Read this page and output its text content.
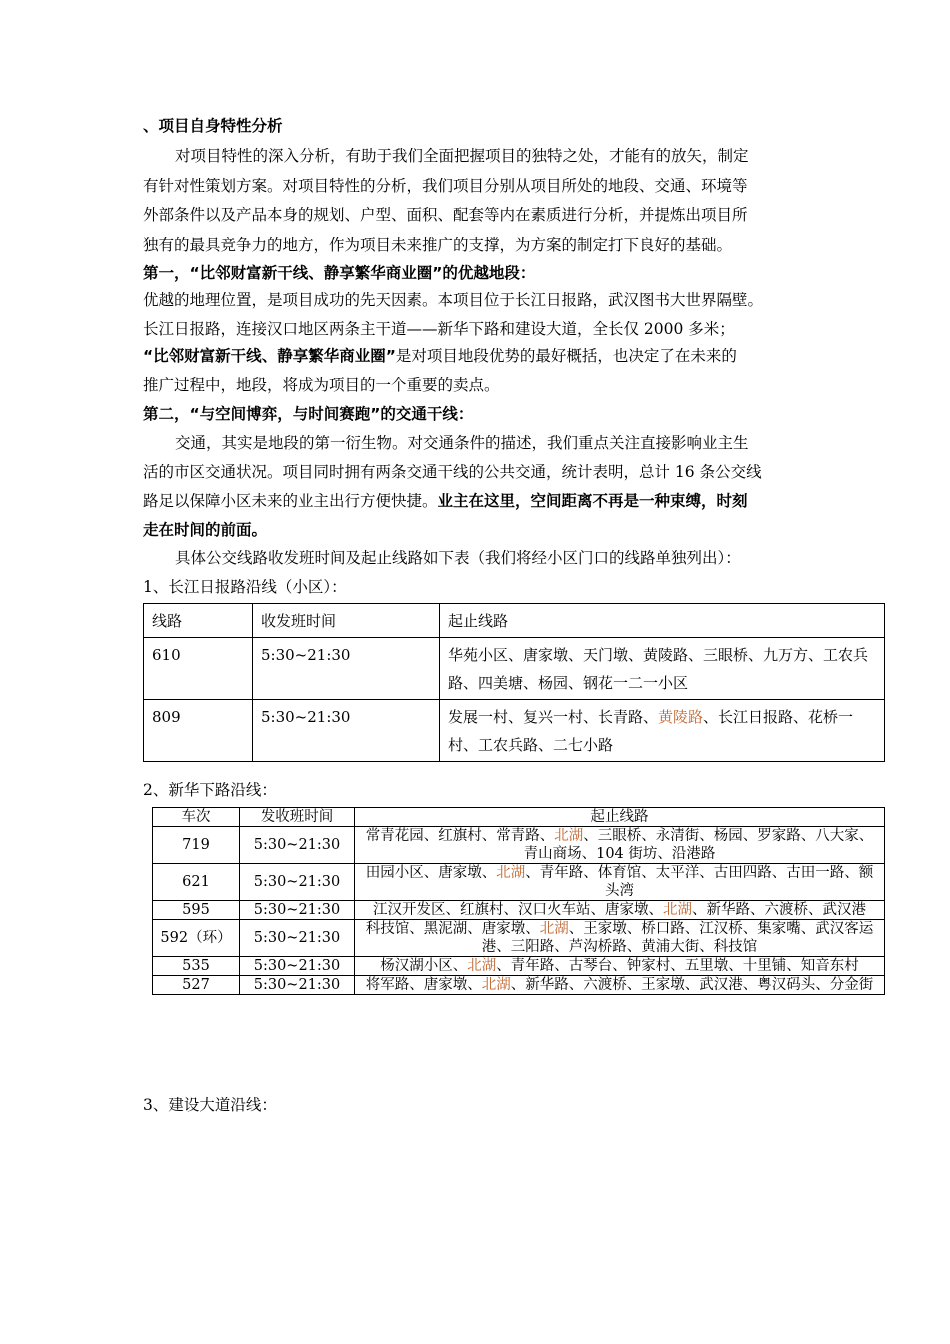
、项目自身特性分析
对项目特性的深入分析，有助于我们全面把握项目的独特之处，才能有的放矢，制定
有针对性策划方案。对项目特性的分析，我们项目分别从项目所处的地段、交通、环境等
外部条件以及产品本身的规划、户型、面积、配套等内在素质进行分析，并提炼出项目所
独有的最具竞争力的地方，作为项目未来推广的支撑，为方案的制定打下良好的基础。
第一，“比邻财富新干线、静享繁华商业圈”的优越地段：
优越的地理位置，是项目成功的先天因素。本项目位于长江日报路，武汉图书大世界隔壁。
长江日报路，连接汉口地区两条主干道——新华下路和建设大道，全长仅 2000 多米；
“比邻财富新干线、静享繁华商业圈”是对项目地段优势的最好概括，也决定了在未来的
推广过程中，地段，将成为项目的一个重要的卖点。
第二，“与空间博弈，与时间赛跑”的交通干线：
交通，其实是地段的第一衍生物。对交通条件的描述，我们重点关注直接影响业主生
活的市区交通状况。项目同时拥有两条交通干线的公共交通，统计表明，总计 16 条公交线
路足以保障小区未来的业主出行方便快捷。业主在这里，空间距离不再是一种束缚，时刻
走在时间的前面。
具体公交线路收发班时间及起止线路如下表（我们将经小区门口的线路单独列出）：
1、长江日报路沿线（小区）：
线路	收发班时间	起止线路
610	5:30~21:30	华苑小区、唐家墩、天门墩、黄陵路、三眼桥、九万方、工农兵路、四美塘、杨园、钢花一二一小区
809	5:30~21:30	发展一村、复兴一村、长青路、黄陵路、长江日报路、花桥一村、工农兵路、二七小路
2、新华下路沿线：
车次	发收班时间	起止线路
719	5:30~21:30	常青花园、红旗村、常青路、北湖、三眼桥、永清街、杨园、罗家路、八大家、青山商场、104 街坊、沿港路
621	5:30~21:30	田园小区、唐家墩、北湖、青年路、体育馆、太平洋、古田四路、古田一路、额头湾
595	5:30~21:30	江汉开发区、红旗村、汉口火车站、唐家墩、北湖、新华路、六渡桥、武汉港
592（环）	5:30~21:30	科技馆、黑泥湖、唐家墩、北湖、王家墩、桥口路、江汉桥、集家嘴、武汉客运港、三阳路、芦沟桥路、黄浦大街、科技馆
535	5:30~21:30	杨汉湖小区、北湖、青年路、古琴台、钟家村、五里墩、十里铺、知音东村
527	5:30~21:30	将军路、唐家墩、北湖、新华路、六渡桥、王家墩、武汉港、粤汉码头、分金街
3、建设大道沿线：
